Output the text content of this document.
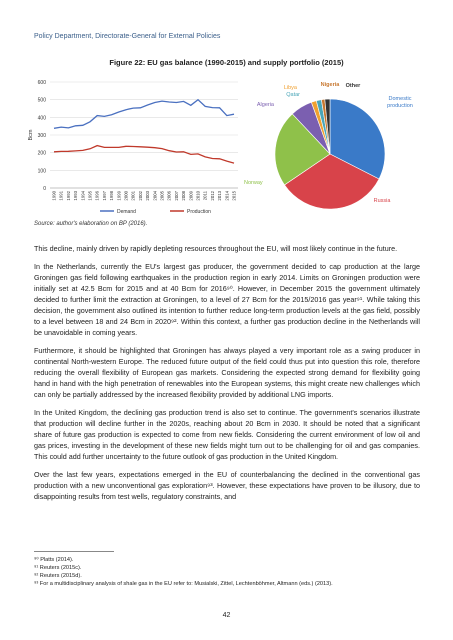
Policy Department, Directorate-General for External Policies
Figure 22: EU gas balance (1990-2015) and supply portfolio (2015)
0
100
200
300
400
500
600
Bcm
1990 1991 1992 1993 1994 1995 1996 1997 1998 1999 2000 2001 2002 2003 2004 2005 2006 2007 2008 2009 2010 2011 2012 2013 2014 2015
Demand	Production
Domestic production
Russia
Norway
Algeria
Libya
Qatar
Nigeria Other
Source: author's elaboration on BP (2016).

This decline, mainly driven by rapidly depleting resources throughout the EU, will most likely continue in the future.

In the Netherlands, currently the EU's largest gas producer, the government decided to cap production at the large Groningen gas field following earthquakes in the production region in early 2014. Limits on Groningen production were initially set at 42.5 Bcm for 2015 and at 40 Bcm for 2016⁹⁰. However, in December 2015 the government ultimately decided to further limit the extraction at Groningen, to a level of 27 Bcm for the 2015/2016 gas year⁹¹. While taking this decision, the government also outlined its intention to further reduce long-term production levels at the gas field, possibly to a level between 18 and 24 Bcm in 2020⁹². Within this context, a further gas production decline in the Netherlands will be unavoidable in coming years.

Furthermore, it should be highlighted that Groningen has always played a very important role as a swing producer in continental North-western Europe. The reduced future output of the field could thus put into question this role, therefore reducing the overall flexibility of European gas markets. Considering the expected strong demand for flexibility going hand in hand with the high penetration of renewables into the European systems, this might create new challenges which can only be partially addressed by the increased flexibility provided by additional LNG imports.

In the United Kingdom, the declining gas production trend is also set to continue. The government's scenarios illustrate that production will decline further in the 2020s, reaching about 20 Bcm in 2030. It should be noted that a significant share of future gas production is expected to come from new fields. Considering the current environment of low oil and gas prices, investing in the development of these new fields might turn out to be challenging for oil and gas companies. This could add further uncertainty to the future outlook of gas production in the United Kingdom.

Over the last few years, expectations emerged in the EU of counterbalancing the declined in the conventional gas production with a new unconventional gas exploration⁹³. However, these expectations have proven to be illusory, due to disappointing results from test wells, regulatory constraints, and

⁹⁰ Platts (2014).
⁹¹ Reuters (2015c).
⁹² Reuters (2015d).
⁹³ For a multidisciplinary analysis of shale gas in the EU refer to: Musialski, Zittel, Lechtenböhmer, Altmann (eds.) (2013).
42
